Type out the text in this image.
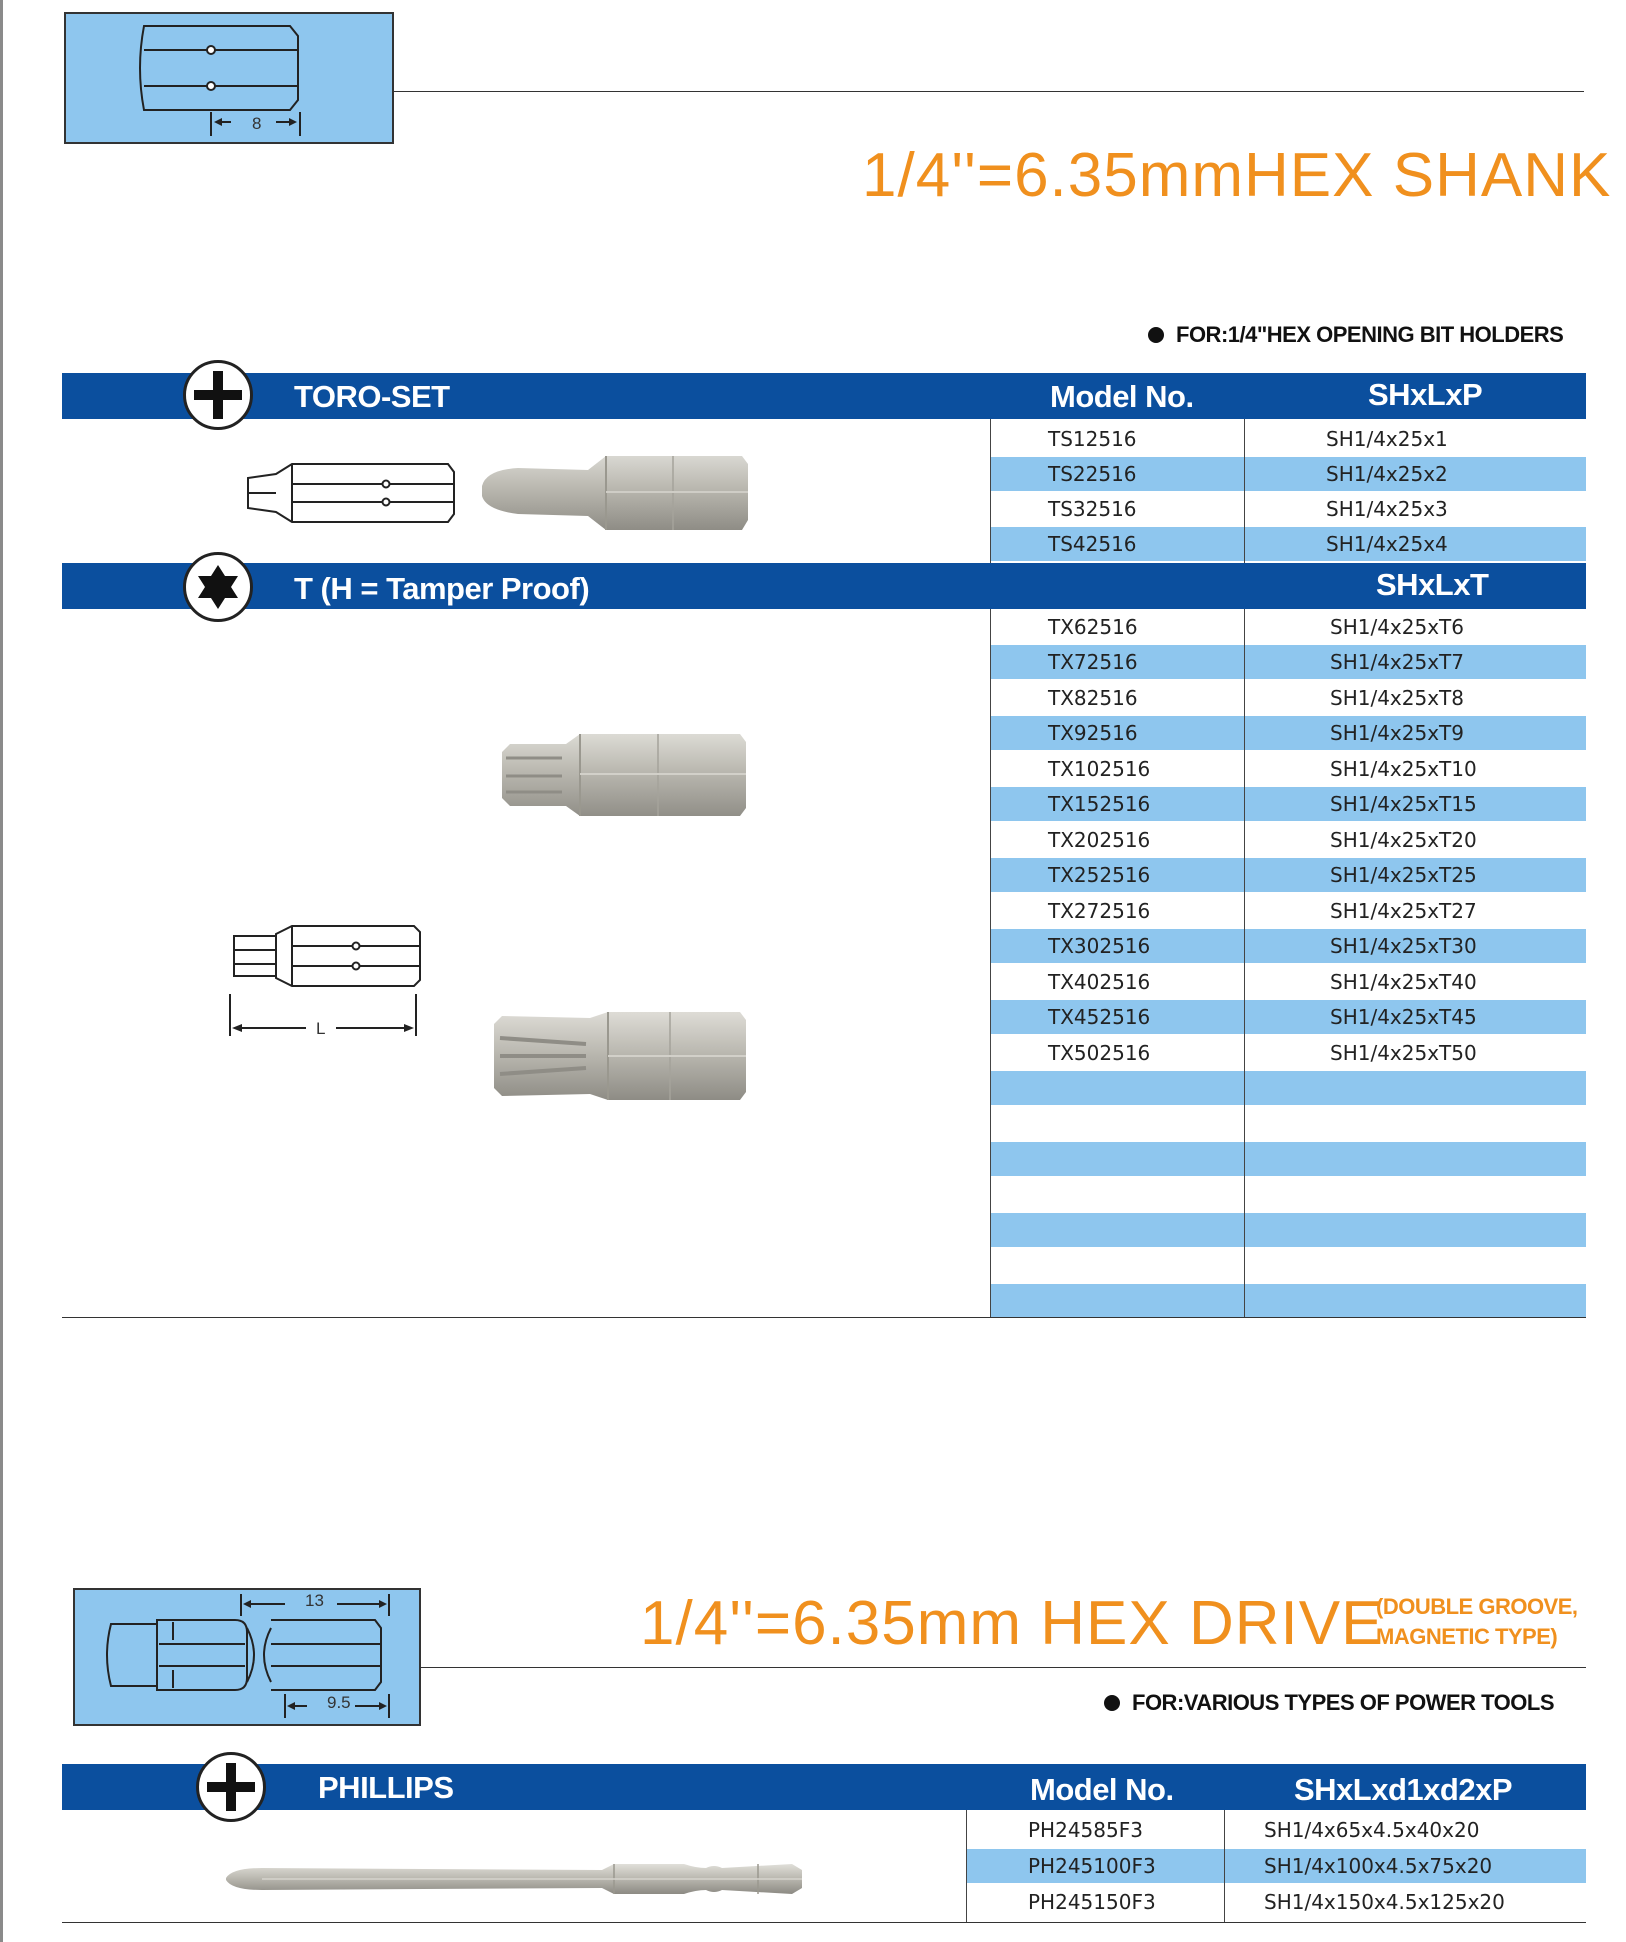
8
1/4''=6.35mmHEX SHANK
FOR:1/4"HEX OPENING BIT HOLDERS
TORO-SET	Model No.	SHxLxP
TS12516	SH1/4x25x1
TS22516	SH1/4x25x2
TS32516	SH1/4x25x3
TS42516	SH1/4x25x4
T (H = Tamper Proof)	SHxLxT
TX62516	SH1/4x25xT6
TX72516	SH1/4x25xT7
TX82516	SH1/4x25xT8
TX92516	SH1/4x25xT9
TX102516	SH1/4x25xT10
TX152516	SH1/4x25xT15
TX202516	SH1/4x25xT20
TX252516	SH1/4x25xT25
TX272516	SH1/4x25xT27
TX302516	SH1/4x25xT30
TX402516	SH1/4x25xT40
TX452516	SH1/4x25xT45
TX502516	SH1/4x25xT50
L
13
9.5
1/4''=6.35mm HEX DRIVE
(DOUBLE GROOVE,
MAGNETIC TYPE)
FOR:VARIOUS TYPES OF POWER TOOLS
PHILLIPS	Model No.	SHxLxd1xd2xP
PH24585F3	SH1/4x65x4.5x40x20
PH245100F3	SH1/4x100x4.5x75x20
PH245150F3	SH1/4x150x4.5x125x20
